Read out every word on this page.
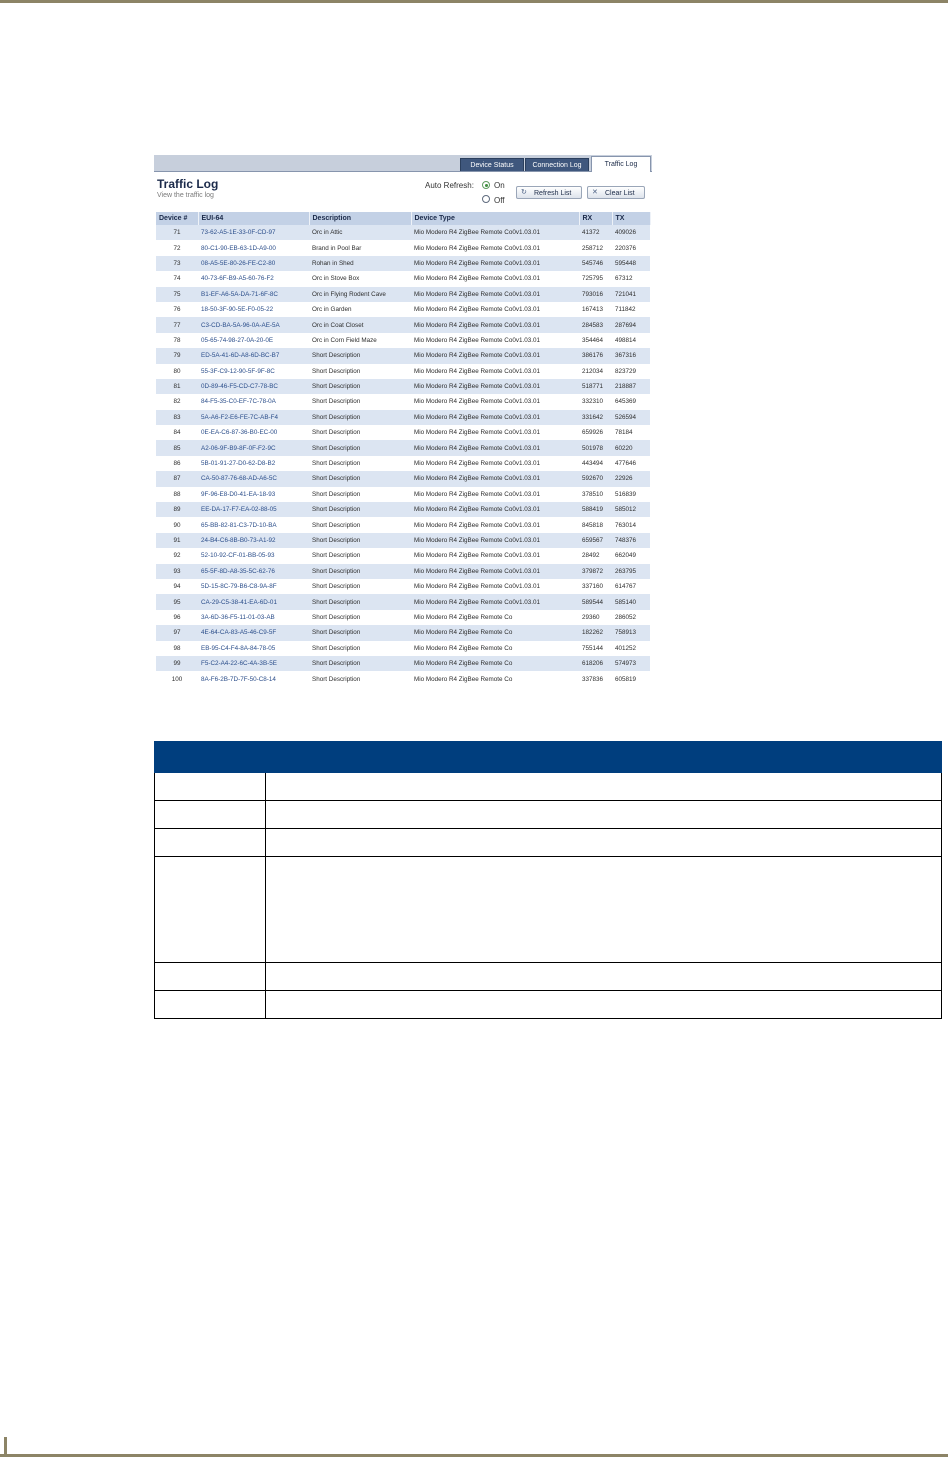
Device Status	Connection Log	Traffic Log
Traffic Log
View the traffic log
Auto Refresh:	On
Off
↻	Refresh List	✕	Clear List
Device #	EUI-64	Description	Device Type	RX	TX
71	73-62-A5-1E-33-0F-CD-97	Orc in Attic	Mio Modero R4 ZigBee Remote Co0v1.03.01	41372	409026
72	80-C1-90-EB-63-1D-A9-00	Brand in Pool Bar	Mio Modero R4 ZigBee Remote Co0v1.03.01	258712	220376
73	08-A5-5E-80-26-FE-C2-80	Rohan in Shed	Mio Modero R4 ZigBee Remote Co0v1.03.01	545746	595448
74	40-73-6F-B9-A5-60-76-F2	Orc in Stove Box	Mio Modero R4 ZigBee Remote Co0v1.03.01	725795	67312
75	B1-EF-A6-5A-DA-71-6F-8C	Orc in Flying Rodent Cave	Mio Modero R4 ZigBee Remote Co0v1.03.01	793016	721041
76	18-50-3F-90-5E-F0-05-22	Orc in Garden	Mio Modero R4 ZigBee Remote Co0v1.03.01	167413	711842
77	C3-CD-BA-5A-96-0A-AE-5A	Orc in Coat Closet	Mio Modero R4 ZigBee Remote Co0v1.03.01	284583	287694
78	05-65-74-98-27-0A-20-0E	Orc in Corn Field Maze	Mio Modero R4 ZigBee Remote Co0v1.03.01	354464	498814
79	ED-5A-41-6D-A8-6D-BC-B7	Short Description	Mio Modero R4 ZigBee Remote Co0v1.03.01	386176	367316
80	55-3F-C9-12-90-5F-9F-8C	Short Description	Mio Modero R4 ZigBee Remote Co0v1.03.01	212034	823729
81	0D-89-46-F5-CD-C7-78-BC	Short Description	Mio Modero R4 ZigBee Remote Co0v1.03.01	518771	218887
82	84-F5-35-C0-EF-7C-78-0A	Short Description	Mio Modero R4 ZigBee Remote Co0v1.03.01	332310	645369
83	5A-A6-F2-E6-FE-7C-AB-F4	Short Description	Mio Modero R4 ZigBee Remote Co0v1.03.01	331642	526594
84	0E-EA-C6-87-36-B0-EC-00	Short Description	Mio Modero R4 ZigBee Remote Co0v1.03.01	659926	78184
85	A2-06-9F-B9-8F-0F-F2-9C	Short Description	Mio Modero R4 ZigBee Remote Co0v1.03.01	501978	60220
86	5B-01-91-27-D0-62-D8-B2	Short Description	Mio Modero R4 ZigBee Remote Co0v1.03.01	443494	477646
87	CA-50-87-76-68-AD-A6-5C	Short Description	Mio Modero R4 ZigBee Remote Co0v1.03.01	592670	22926
88	9F-96-E8-D0-41-EA-18-93	Short Description	Mio Modero R4 ZigBee Remote Co0v1.03.01	378510	516839
89	EE-DA-17-F7-EA-02-88-05	Short Description	Mio Modero R4 ZigBee Remote Co0v1.03.01	588419	585012
90	65-BB-82-81-C3-7D-10-BA	Short Description	Mio Modero R4 ZigBee Remote Co0v1.03.01	845818	763014
91	24-B4-C6-8B-B0-73-A1-92	Short Description	Mio Modero R4 ZigBee Remote Co0v1.03.01	659567	748376
92	52-10-92-CF-01-BB-05-93	Short Description	Mio Modero R4 ZigBee Remote Co0v1.03.01	28492	662049
93	65-5F-8D-A8-35-5C-62-76	Short Description	Mio Modero R4 ZigBee Remote Co0v1.03.01	379872	263795
94	5D-15-8C-79-B6-C8-9A-8F	Short Description	Mio Modero R4 ZigBee Remote Co0v1.03.01	337160	614767
95	CA-29-C5-38-41-EA-6D-01	Short Description	Mio Modero R4 ZigBee Remote Co0v1.03.01	589544	585140
96	3A-6D-36-F5-11-01-03-AB	Short Description	Mio Modero R4 ZigBee Remote Co	29360	286052
97	4E-64-CA-83-A5-46-C9-5F	Short Description	Mio Modero R4 ZigBee Remote Co	182262	758913
98	EB-95-C4-F4-8A-84-78-05	Short Description	Mio Modero R4 ZigBee Remote Co	755144	401252
99	F5-C2-A4-22-6C-4A-3B-5E	Short Description	Mio Modero R4 ZigBee Remote Co	618206	574973
100	8A-F6-2B-7D-7F-50-C8-14	Short Description	Mio Modero R4 ZigBee Remote Co	337836	605819
